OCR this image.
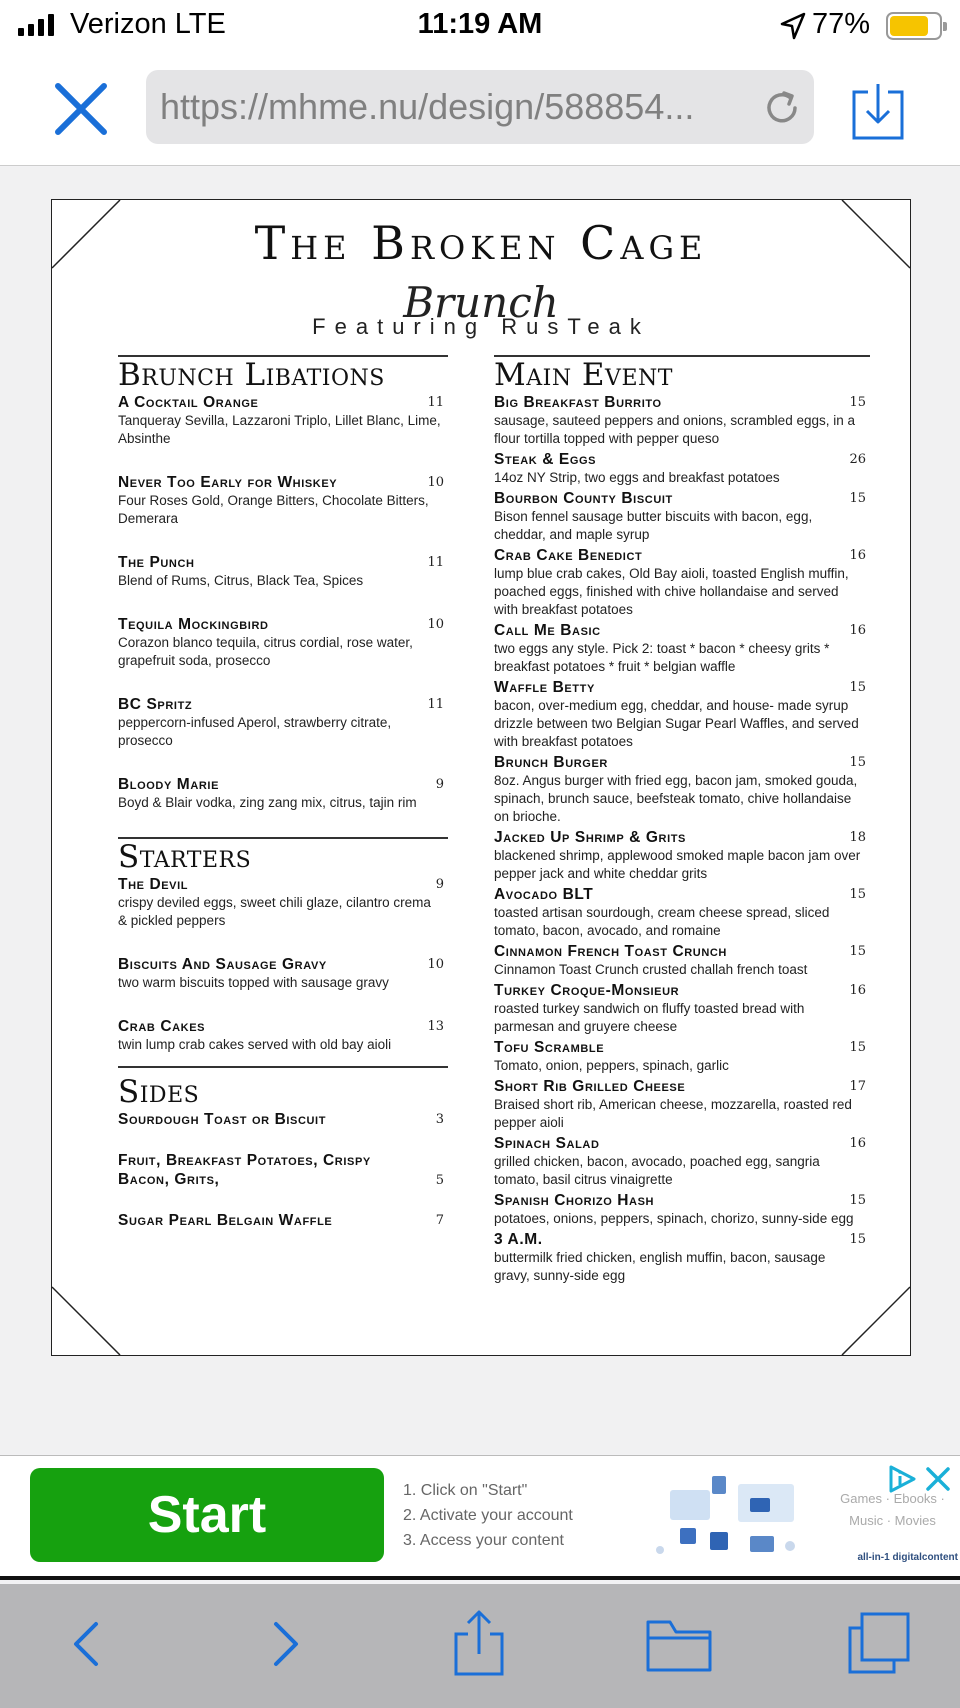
Verizon LTE	11:19 AM	77%
https://mhme.nu/design/588854...
The Broken Cage
Brunch
Featuring RusTeak
Brunch Libations
A Cocktail Orange	11
Tanqueray Sevilla, Lazzaroni Triplo, Lillet Blanc, Lime, Absinthe
Never Too Early for Whiskey	10
Four Roses Gold, Orange Bitters, Chocolate Bitters, Demerara
The Punch	11
Blend of Rums, Citrus, Black Tea, Spices
Tequila Mockingbird	10
Corazon blanco tequila, citrus cordial, rose water, grapefruit soda, prosecco
BC Spritz	11
peppercorn-infused Aperol, strawberry citrate, prosecco
Bloody Marie	9
Boyd & Blair vodka, zing zang mix, citrus, tajin rim
Starters
The Devil	9
crispy deviled eggs, sweet chili glaze, cilantro crema & pickled peppers
Biscuits And Sausage Gravy	10
two warm biscuits topped with sausage gravy
Crab Cakes	13
twin lump crab cakes served with old bay aioli
Sides
Sourdough Toast or Biscuit	3
Fruit, Breakfast Potatoes, Crispy Bacon, Grits,	5
Sugar Pearl Belgain Waffle	7
Main Event
Big Breakfast Burrito	15
sausage, sauteed peppers and onions, scrambled eggs, in a flour tortilla topped with pepper queso
Steak & Eggs	26
14oz NY Strip, two eggs and breakfast potatoes
Bourbon County Biscuit	15
Bison fennel sausage butter biscuits with bacon, egg, cheddar, and maple syrup
Crab Cake Benedict	16
lump blue crab cakes, Old Bay aioli, toasted English muffin, poached eggs, finished with chive hollandaise and served with breakfast potatoes
Call Me Basic	16
two eggs any style. Pick 2: toast * bacon * cheesy grits * breakfast potatoes * fruit * belgian waffle
Waffle Betty	15
bacon, over-medium egg, cheddar, and house- made syrup drizzle between two Belgian Sugar Pearl Waffles, and served with breakfast potatoes
Brunch Burger	15
8oz. Angus burger with fried egg, bacon jam, smoked gouda, spinach, brunch sauce, beefsteak tomato, chive hollandaise on brioche.
Jacked Up Shrimp & Grits	18
blackened shrimp, applewood smoked maple bacon jam over pepper jack and white cheddar grits
Avocado BLT	15
toasted artisan sourdough, cream cheese spread, sliced tomato, bacon, avocado, and romaine
Cinnamon French Toast Crunch	15
Cinnamon Toast Crunch crusted challah french toast
Turkey Croque-Monsieur	16
roasted turkey sandwich on fluffy toasted bread with parmesan and gruyere cheese
Tofu Scramble	15
Tomato, onion, peppers, spinach, garlic
Short Rib Grilled Cheese	17
Braised short rib, American cheese, mozzarella, roasted red pepper aioli
Spinach Salad	16
grilled chicken, bacon, avocado, poached egg, sangria tomato, basil citrus vinaigrette
Spanish Chorizo Hash	15
potatoes, onions, peppers, spinach, chorizo, sunny-side egg
3 A.M.	15
buttermilk fried chicken, english muffin, bacon, sausage gravy, sunny-side egg
Start	1. Click on "Start"
2. Activate your account
3. Access your content
Games · Ebooks · Music · Movies
all-in-1 digitalcontent
